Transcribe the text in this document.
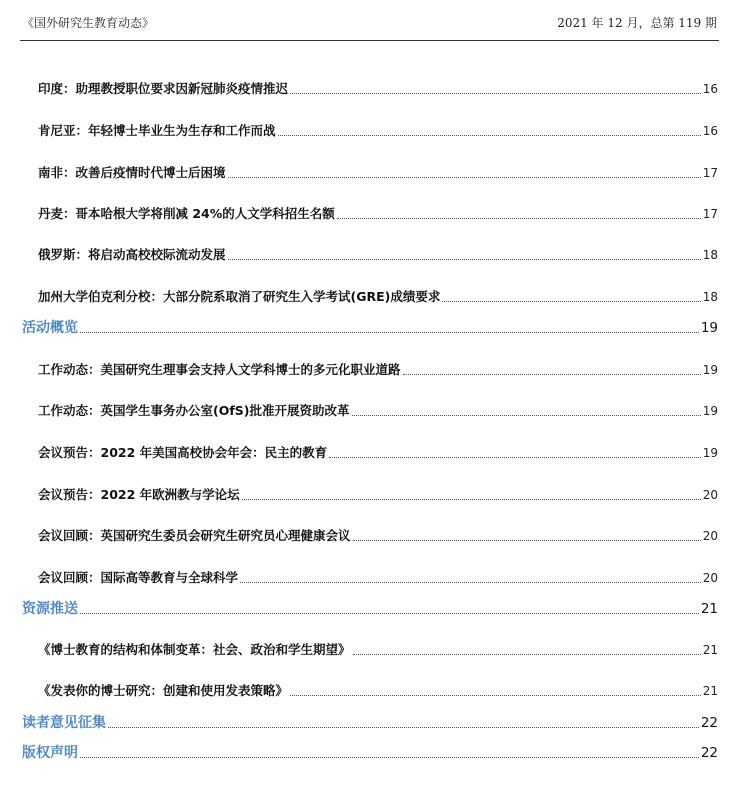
《国外研究生教育动态》	2021 年 12 月，总第 119 期
印度：助理教授职位要求因新冠肺炎疫情推迟	16
肯尼亚：年轻博士毕业生为生存和工作而战	16
南非：改善后疫情时代博士后困境	17
丹麦：哥本哈根大学将削减 24%的人文学科招生名额	17
俄罗斯：将启动高校校际流动发展	18
加州大学伯克利分校：大部分院系取消了研究生入学考试(GRE)成绩要求	18
活动概览	19
工作动态：美国研究生理事会支持人文学科博士的多元化职业道路	19
工作动态：英国学生事务办公室(OfS)批准开展资助改革	19
会议预告：2022 年美国高校协会年会：民主的教育	19
会议预告：2022 年欧洲教与学论坛	20
会议回顾：英国研究生委员会研究生研究员心理健康会议	20
会议回顾：国际高等教育与全球科学	20
资源推送	21
《博士教育的结构和体制变革：社会、政治和学生期望》	21
《发表你的博士研究：创建和使用发表策略》	21
读者意见征集	22
版权声明	22
